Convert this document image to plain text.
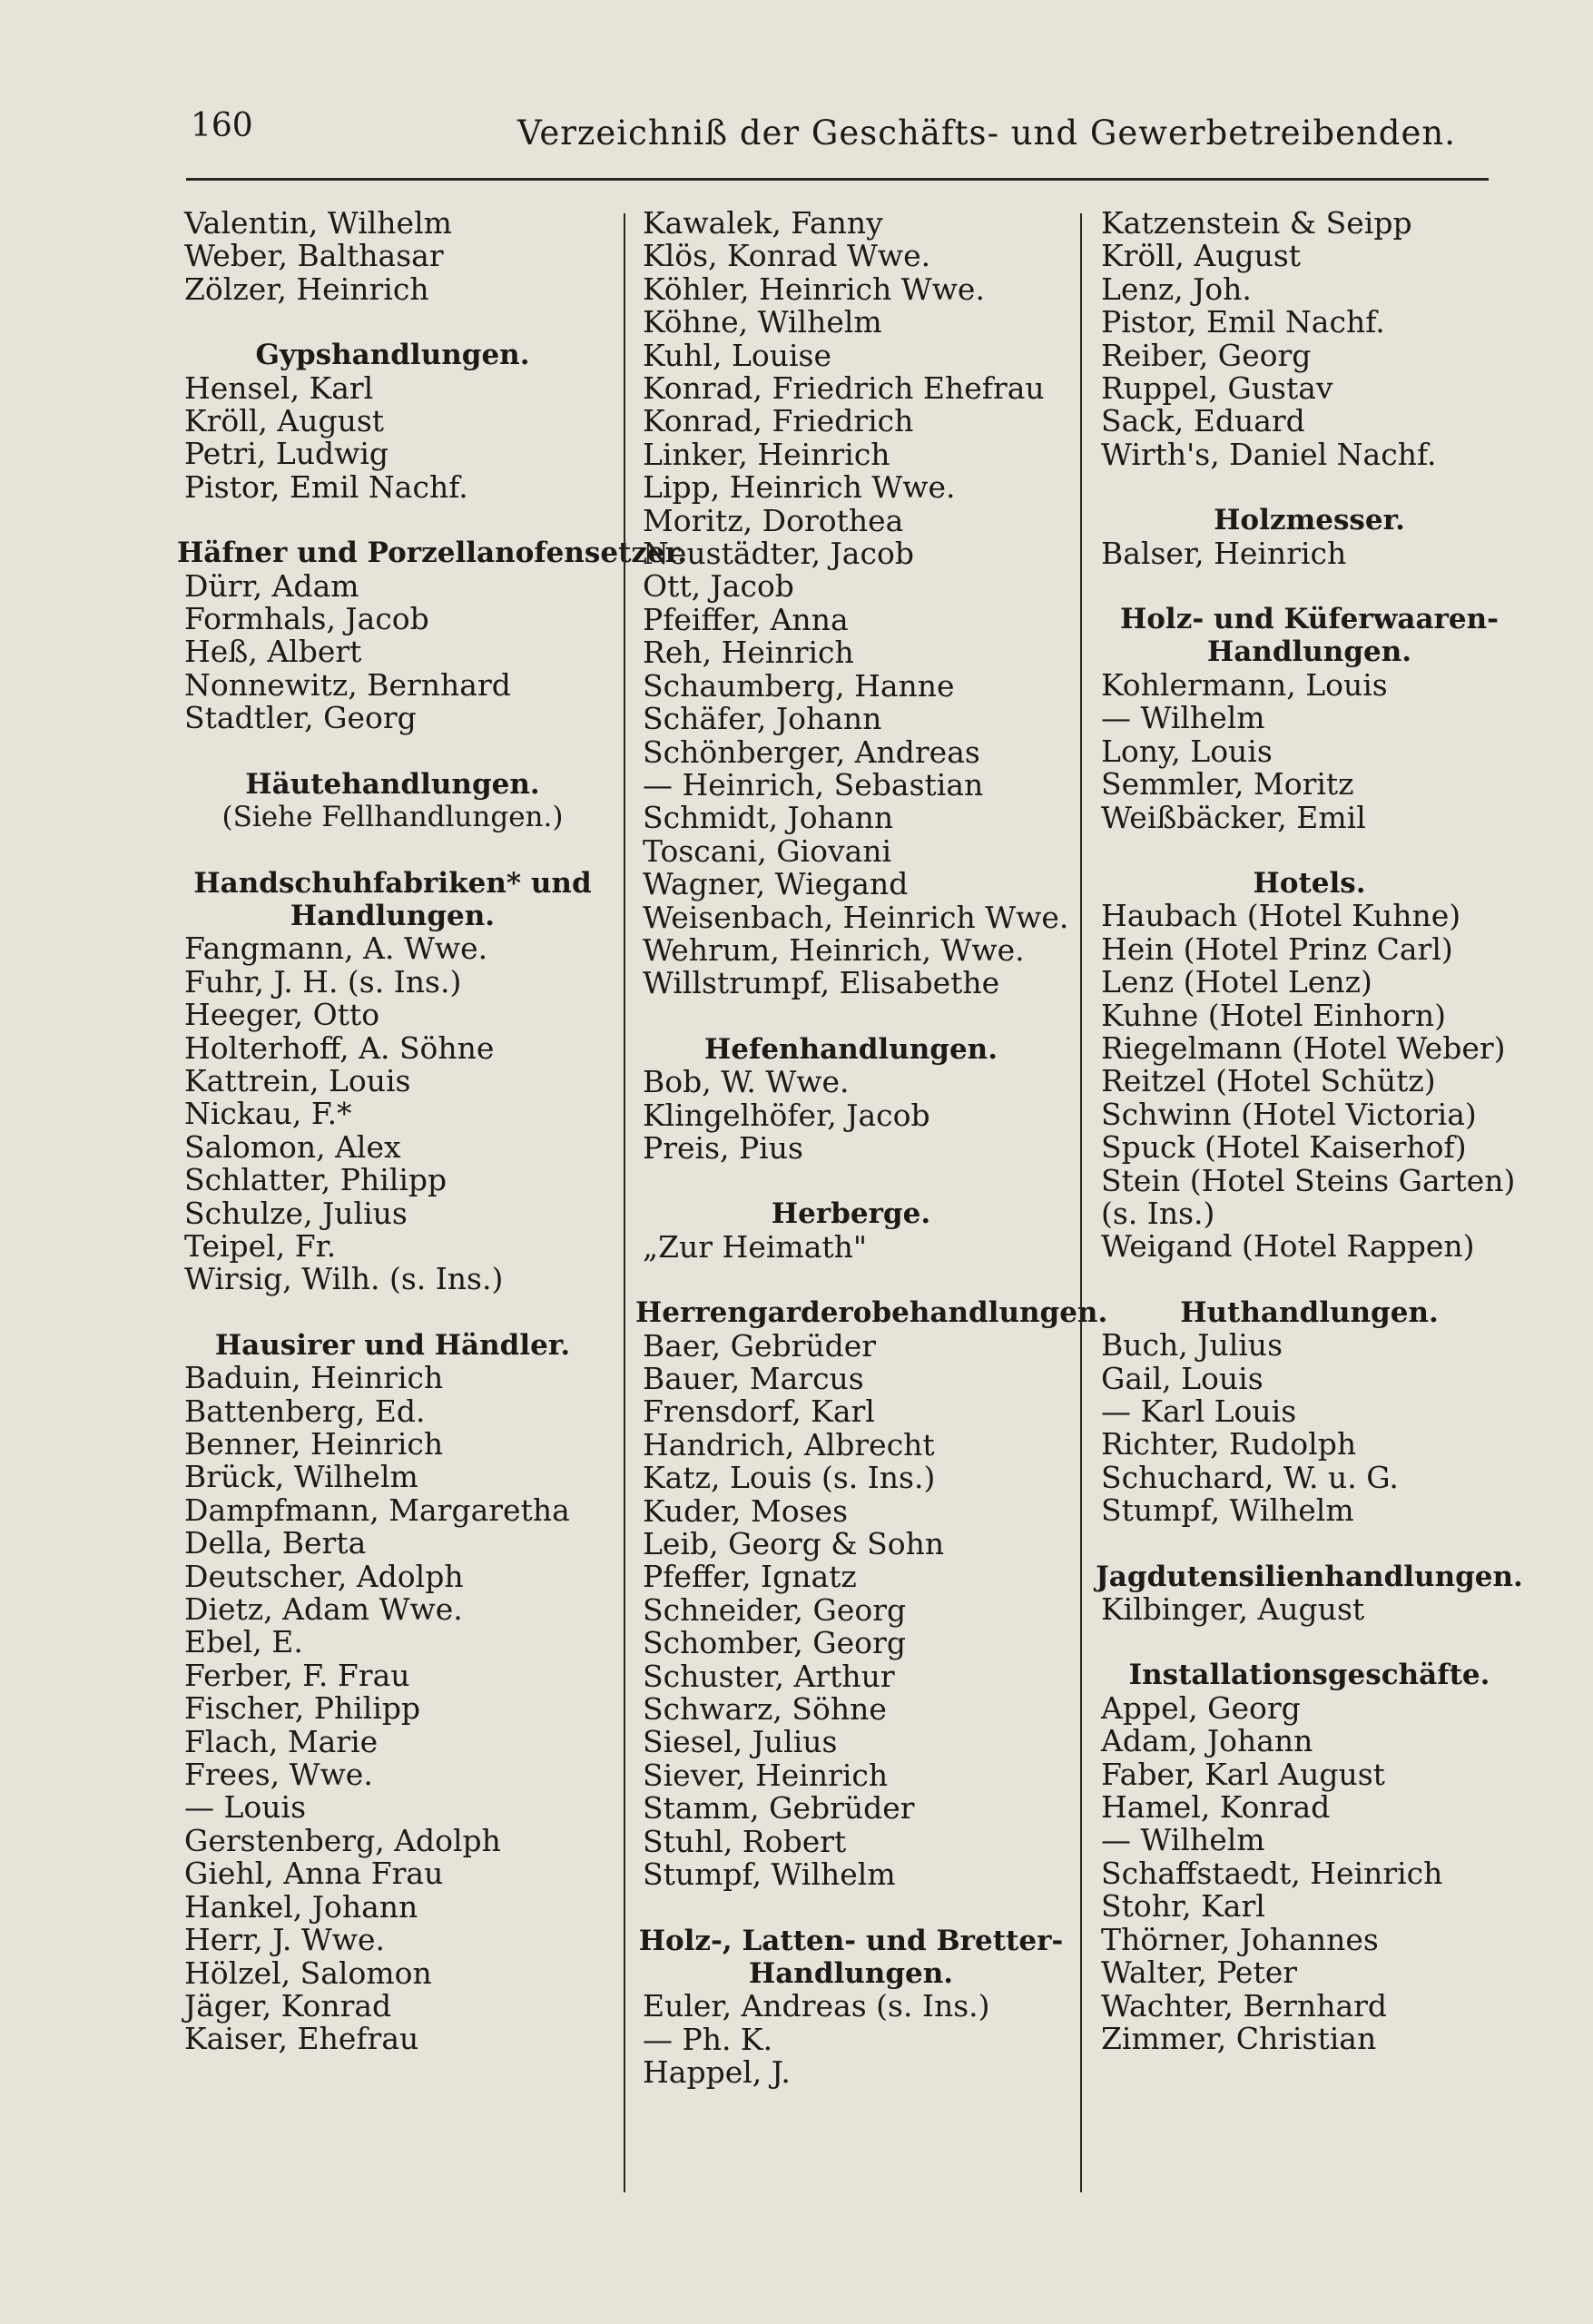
160	Verzeichniß der Geschäfts- und Gewerbetreibenden.
Valentin, Wilhelm
Weber, Balthasar
Zölzer, Heinrich
Gypshandlungen.
Hensel, Karl
Kröll, August
Petri, Ludwig
Pistor, Emil Nachf.
Häfner und Porzellanofensetzer.
Dürr, Adam
Formhals, Jacob
Heß, Albert
Nonnewitz, Bernhard
Stadtler, Georg
Häutehandlungen.
(Siehe Fellhandlungen.)
Handschuhfabriken* und
Handlungen.
Fangmann, A. Wwe.
Fuhr, J. H. (s. Ins.)
Heeger, Otto
Holterhoff, A. Söhne
Kattrein, Louis
Nickau, F.*
Salomon, Alex
Schlatter, Philipp
Schulze, Julius
Teipel, Fr.
Wirsig, Wilh. (s. Ins.)
Hausirer und Händler.
Baduin, Heinrich
Battenberg, Ed.
Benner, Heinrich
Brück, Wilhelm
Dampfmann, Margaretha
Della, Berta
Deutscher, Adolph
Dietz, Adam Wwe.
Ebel, E.
Ferber, F. Frau
Fischer, Philipp
Flach, Marie
Frees, Wwe.
— Louis
Gerstenberg, Adolph
Giehl, Anna Frau
Hankel, Johann
Herr, J. Wwe.
Hölzel, Salomon
Jäger, Konrad
Kaiser, Ehefrau
Kawalek, Fanny
Klös, Konrad Wwe.
Köhler, Heinrich Wwe.
Köhne, Wilhelm
Kuhl, Louise
Konrad, Friedrich Ehefrau
Konrad, Friedrich
Linker, Heinrich
Lipp, Heinrich Wwe.
Moritz, Dorothea
Neustädter, Jacob
Ott, Jacob
Pfeiffer, Anna
Reh, Heinrich
Schaumberg, Hanne
Schäfer, Johann
Schönberger, Andreas
— Heinrich, Sebastian
Schmidt, Johann
Toscani, Giovani
Wagner, Wiegand
Weisenbach, Heinrich Wwe.
Wehrum, Heinrich, Wwe.
Willstrumpf, Elisabethe
Hefenhandlungen.
Bob, W. Wwe.
Klingelhöfer, Jacob
Preis, Pius
Herberge.
„Zur Heimath"
Herrengarderobehandlungen.
Baer, Gebrüder
Bauer, Marcus
Frensdorf, Karl
Handrich, Albrecht
Katz, Louis (s. Ins.)
Kuder, Moses
Leib, Georg & Sohn
Pfeffer, Ignatz
Schneider, Georg
Schomber, Georg
Schuster, Arthur
Schwarz, Söhne
Siesel, Julius
Siever, Heinrich
Stamm, Gebrüder
Stuhl, Robert
Stumpf, Wilhelm
Holz-, Latten- und Bretter-
Handlungen.
Euler, Andreas (s. Ins.)
— Ph. K.
Happel, J.
Katzenstein & Seipp
Kröll, August
Lenz, Joh.
Pistor, Emil Nachf.
Reiber, Georg
Ruppel, Gustav
Sack, Eduard
Wirth's, Daniel Nachf.
Holzmesser.
Balser, Heinrich
Holz- und Küferwaaren-
Handlungen.
Kohlermann, Louis
— Wilhelm
Lony, Louis
Semmler, Moritz
Weißbäcker, Emil
Hotels.
Haubach (Hotel Kuhne)
Hein (Hotel Prinz Carl)
Lenz (Hotel Lenz)
Kuhne (Hotel Einhorn)
Riegelmann (Hotel Weber)
Reitzel (Hotel Schütz)
Schwinn (Hotel Victoria)
Spuck (Hotel Kaiserhof)
Stein (Hotel Steins Garten)
(s. Ins.)
Weigand (Hotel Rappen)
Huthandlungen.
Buch, Julius
Gail, Louis
— Karl Louis
Richter, Rudolph
Schuchard, W. u. G.
Stumpf, Wilhelm
Jagdutensilienhandlungen.
Kilbinger, August
Installationsgeschäfte.
Appel, Georg
Adam, Johann
Faber, Karl August
Hamel, Konrad
— Wilhelm
Schaffstaedt, Heinrich
Stohr, Karl
Thörner, Johannes
Walter, Peter
Wachter, Bernhard
Zimmer, Christian
